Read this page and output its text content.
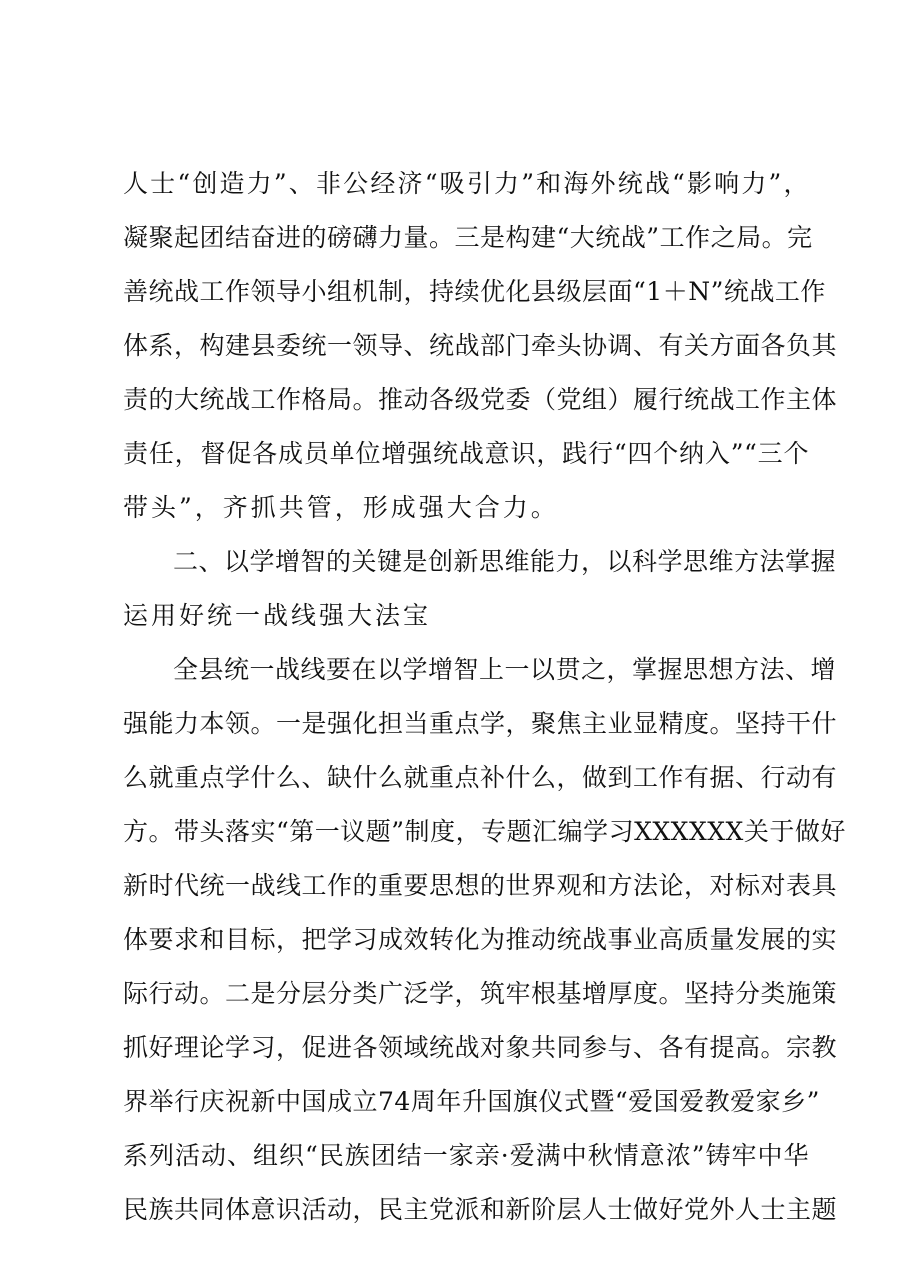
人士“创造力”、非公经济“吸引力”和海外统战“影响力”，
凝聚起团结奋进的磅礴力量。三是构建“大统战”工作之局。完
善统战工作领导小组机制，持续优化县级层面“1＋N”统战工作
体系，构建县委统一领导、统战部门牵头协调、有关方面各负其
责的大统战工作格局。推动各级党委（党组）履行统战工作主体
责任，督促各成员单位增强统战意识，践行“四个纳入”“三个
带头”，齐抓共管，形成强大合力。
二、以学增智的关键是创新思维能力，以科学思维方法掌握
运用好统一战线强大法宝
全县统一战线要在以学增智上一以贯之，掌握思想方法、增
强能力本领。一是强化担当重点学，聚焦主业显精度。坚持干什
么就重点学什么、缺什么就重点补什么，做到工作有据、行动有
方。带头落实“第一议题”制度，专题汇编学习XXXXXX关于做好
新时代统一战线工作的重要思想的世界观和方法论，对标对表具
体要求和目标，把学习成效转化为推动统战事业高质量发展的实
际行动。二是分层分类广泛学，筑牢根基增厚度。坚持分类施策
抓好理论学习，促进各领域统战对象共同参与、各有提高。宗教
界举行庆祝新中国成立74周年升国旗仪式暨“爱国爱教爱家乡”
系列活动、组织“民族团结一家亲·爱满中秋情意浓”铸牢中华
民族共同体意识活动，民主党派和新阶层人士做好党外人士主题
